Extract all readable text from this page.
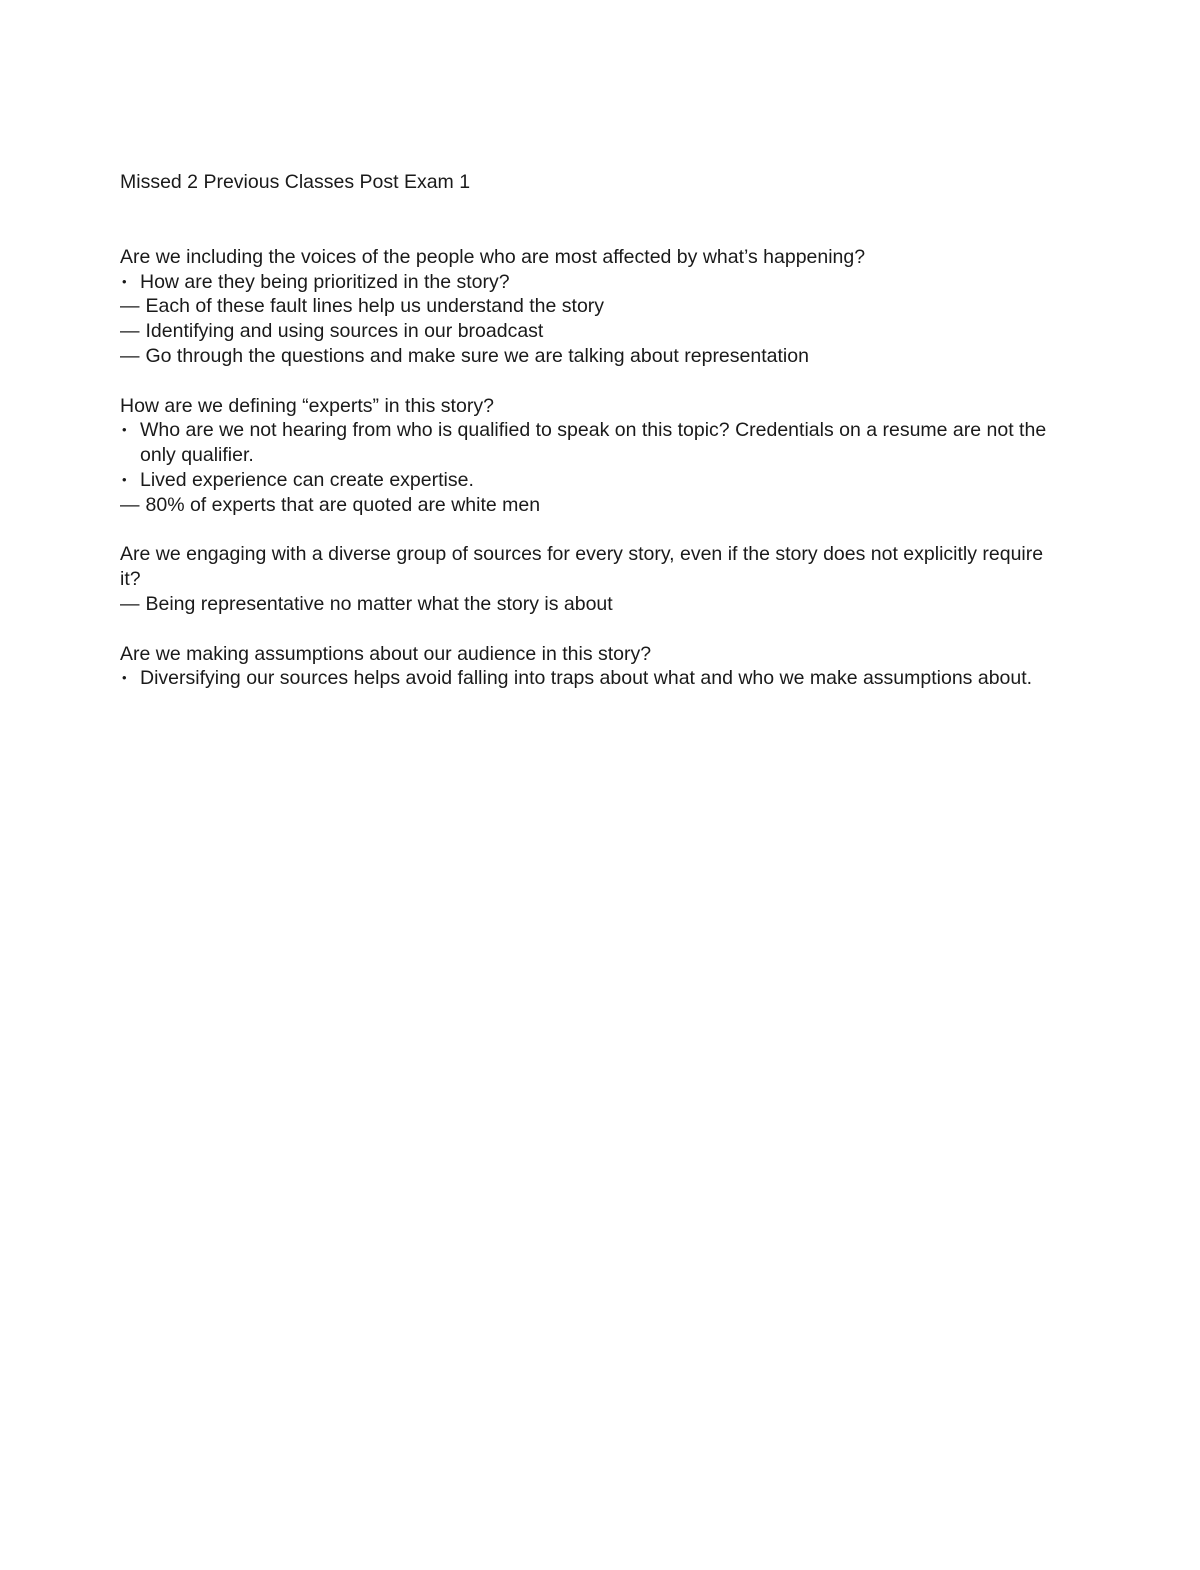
Missed 2 Previous Classes Post Exam 1

Are we including the voices of the people who are most affected by what’s happening?

• How are they being prioritized in the story?

— Each of these fault lines help us understand the story

— Identifying and using sources in our broadcast

— Go through the questions and make sure we are talking about representation

How are we defining “experts” in this story?

• Who are we not hearing from who is qualified to speak on this topic? Credentials on a resume are not the only qualifier.

• Lived experience can create expertise.

— 80% of experts that are quoted are white men

Are we engaging with a diverse group of sources for every story, even if the story does not explicitly require it?

— Being representative no matter what the story is about

Are we making assumptions about our audience in this story?

• Diversifying our sources helps avoid falling into traps about what and who we make assumptions about.
